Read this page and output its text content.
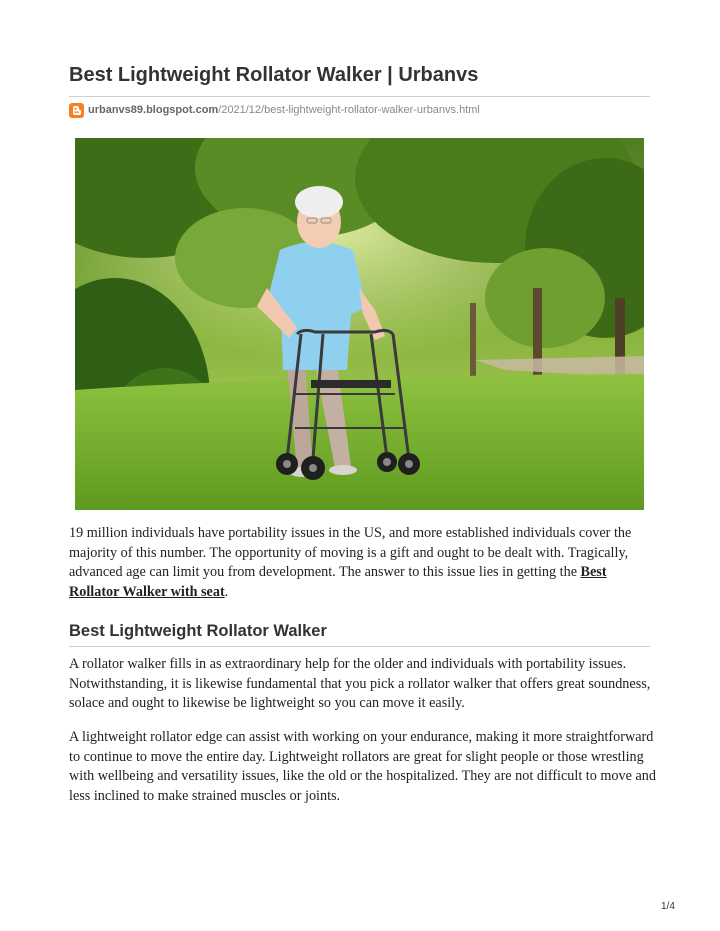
Best Lightweight Rollator Walker | Urbanvs
urbanvs89.blogspot.com/2021/12/best-lightweight-rollator-walker-urbanvs.html

19 million individuals have portability issues in the US, and more established individuals cover the majority of this number. The opportunity of moving is a gift and ought to be dealt with. Tragically, advanced age can limit you from development. The answer to this issue lies in getting the Best Rollator Walker with seat.

Best Lightweight Rollator Walker

A rollator walker fills in as extraordinary help for the older and individuals with portability issues. Notwithstanding, it is likewise fundamental that you pick a rollator walker that offers great soundness, solace and ought to likewise be lightweight so you can move it easily.

A lightweight rollator edge can assist with working on your endurance, making it more straightforward to continue to move the entire day. Lightweight rollators are great for slight people or those wrestling with wellbeing and versatility issues, like the old or the hospitalized. They are not difficult to move and less inclined to make strained muscles or joints.

1/4
